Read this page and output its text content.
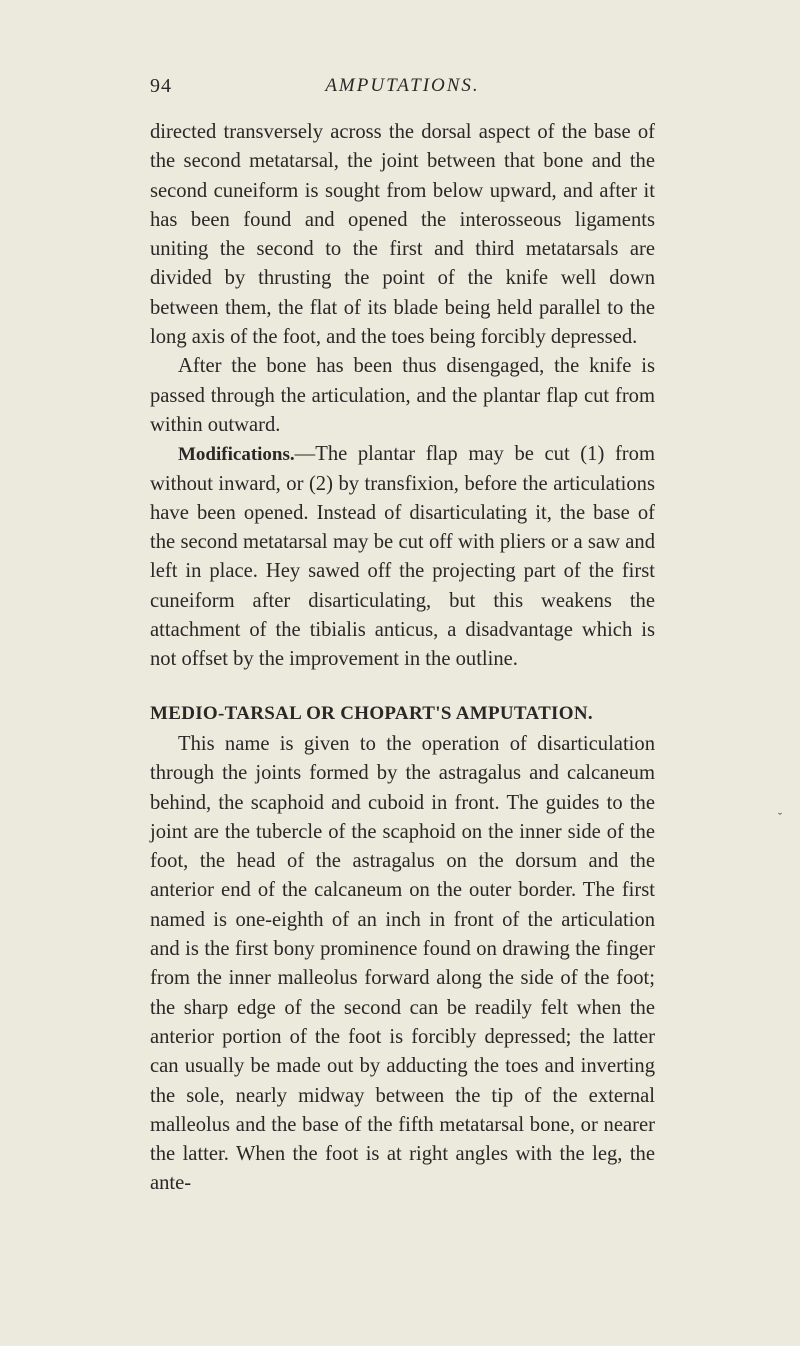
94	AMPUTATIONS.

directed transversely across the dorsal aspect of the base of the second metatarsal, the joint between that bone and the second cuneiform is sought from below upward, and after it has been found and opened the interosseous ligaments uniting the second to the first and third metatarsals are divided by thrusting the point of the knife well down between them, the flat of its blade being held parallel to the long axis of the foot, and the toes being forcibly depressed.

After the bone has been thus disengaged, the knife is passed through the articulation, and the plantar flap cut from within outward.

Modifications.—The plantar flap may be cut (1) from without inward, or (2) by transfixion, before the articulations have been opened. Instead of disarticulating it, the base of the second metatarsal may be cut off with pliers or a saw and left in place. Hey sawed off the projecting part of the first cuneiform after disarticulating, but this weakens the attachment of the tibialis anticus, a disadvantage which is not offset by the improvement in the outline.

MEDIO-TARSAL OR CHOPART'S AMPUTATION.

This name is given to the operation of disarticulation through the joints formed by the astragalus and calcaneum behind, the scaphoid and cuboid in front. The guides to the joint are the tubercle of the scaphoid on the inner side of the foot, the head of the astragalus on the dorsum and the anterior end of the calcaneum on the outer border. The first named is one-eighth of an inch in front of the articulation and is the first bony prominence found on drawing the finger from the inner malleolus forward along the side of the foot; the sharp edge of the second can be readily felt when the anterior portion of the foot is forcibly depressed; the latter can usually be made out by adducting the toes and inverting the sole, nearly midway between the tip of the external malleolus and the base of the fifth metatarsal bone, or nearer the latter. When the foot is at right angles with the leg, the ante-

ˇ
